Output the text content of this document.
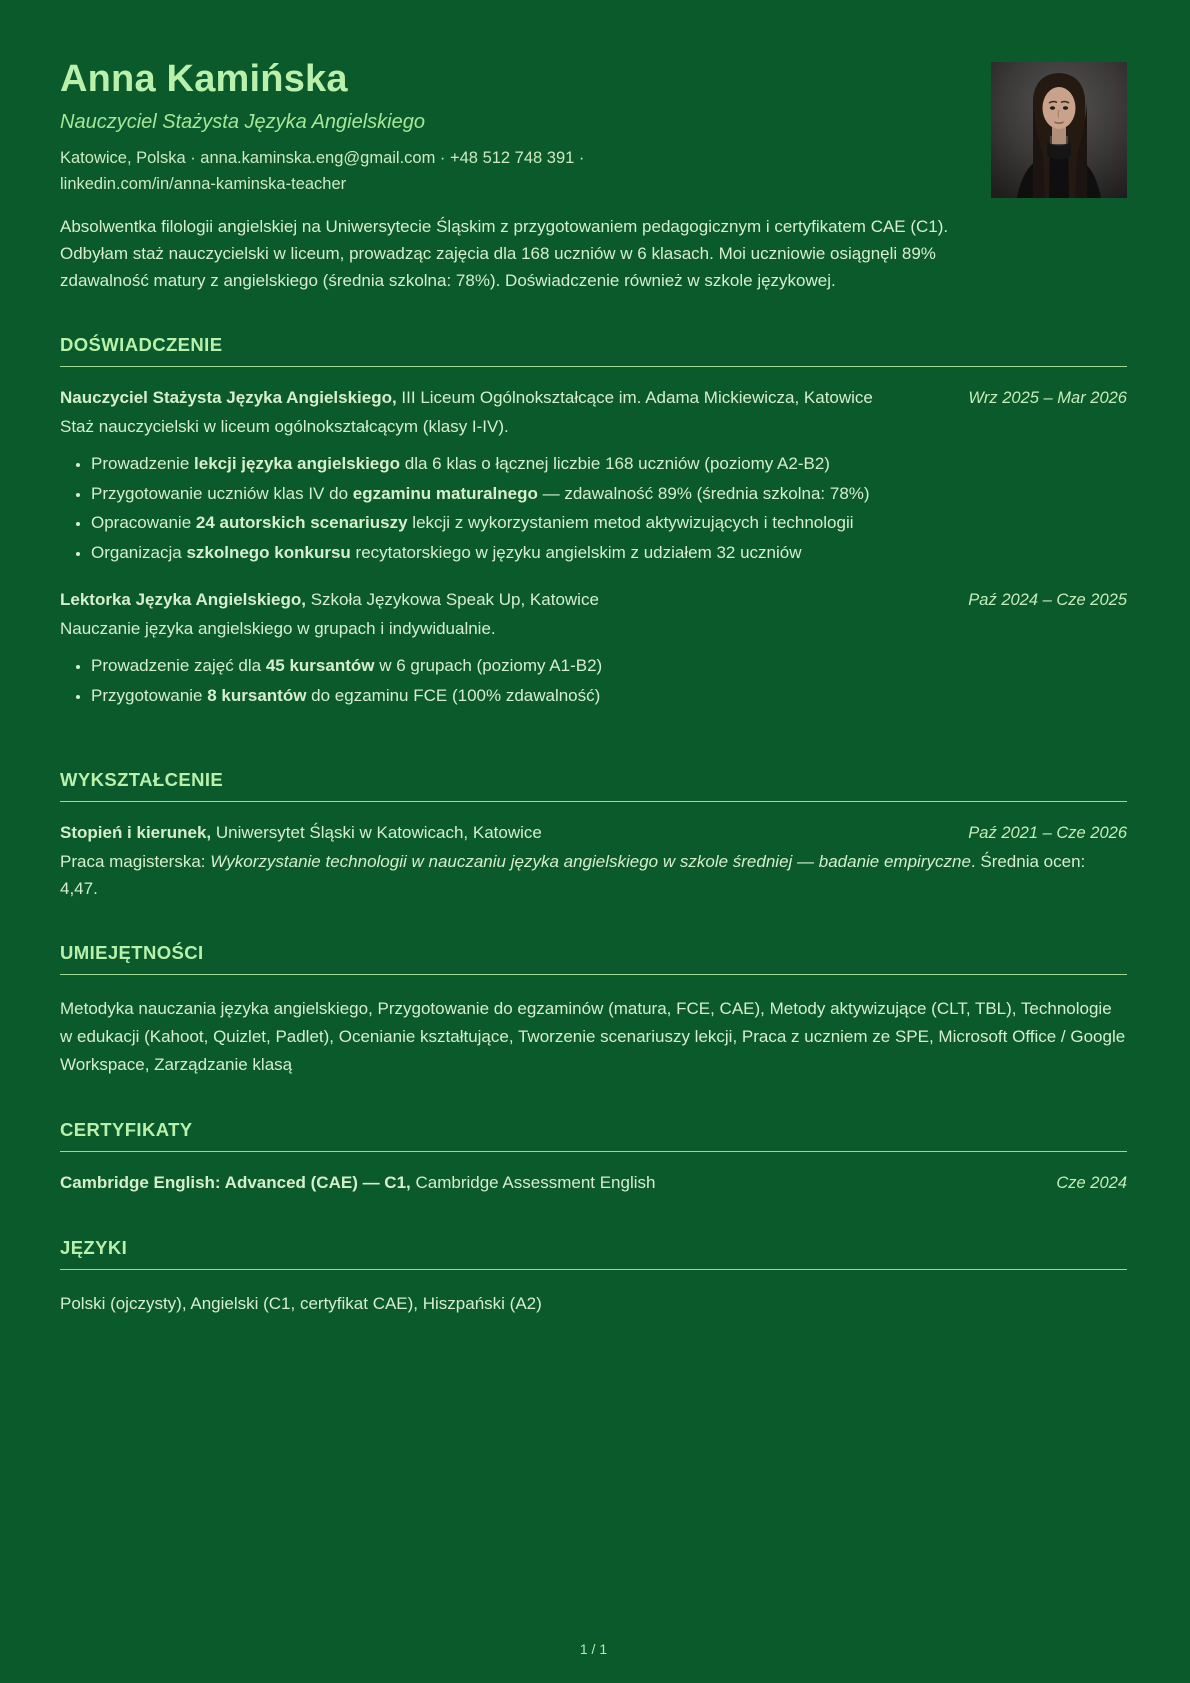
Anna Kamińska
Nauczyciel Stażysta Języka Angielskiego
Katowice, Polska · anna.kaminska.eng@gmail.com · +48 512 748 391 ·
linkedin.com/in/anna-kaminska-teacher

Absolwentka filologii angielskiej na Uniwersytecie Śląskim z przygotowaniem pedagogicznym i certyfikatem CAE (C1). Odbyłam staż nauczycielski w liceum, prowadząc zajęcia dla 168 uczniów w 6 klasach. Moi uczniowie osiągnęli 89% zdawalność matury z angielskiego (średnia szkolna: 78%). Doświadczenie również w szkole językowej.

DOŚWIADCZENIE
Nauczyciel Stażysta Języka Angielskiego, III Liceum Ogólnokształcące im. Adama Mickiewicza, Katowice	Wrz 2025 – Mar 2026

Staż nauczycielski w liceum ogólnokształcącym (klasy I-IV).

• Prowadzenie lekcji języka angielskiego dla 6 klas o łącznej liczbie 168 uczniów (poziomy A2-B2)
• Przygotowanie uczniów klas IV do egzaminu maturalnego — zdawalność 89% (średnia szkolna: 78%)
• Opracowanie 24 autorskich scenariuszy lekcji z wykorzystaniem metod aktywizujących i technologii
• Organizacja szkolnego konkursu recytatorskiego w języku angielskim z udziałem 32 uczniów
Lektorka Języka Angielskiego, Szkoła Językowa Speak Up, Katowice	Paź 2024 – Cze 2025

Nauczanie języka angielskiego w grupach i indywidualnie.

• Prowadzenie zajęć dla 45 kursantów w 6 grupach (poziomy A1-B2)
• Przygotowanie 8 kursantów do egzaminu FCE (100% zdawalność)
WYKSZTAŁCENIE
Stopień i kierunek, Uniwersytet Śląski w Katowicach, Katowice	Paź 2021 – Cze 2026

Praca magisterska: Wykorzystanie technologii w nauczaniu języka angielskiego w szkole średniej — badanie empiryczne. Średnia ocen: 4,47.

UMIEJĘTNOŚCI

Metodyka nauczania języka angielskiego, Przygotowanie do egzaminów (matura, FCE, CAE), Metody aktywizujące (CLT, TBL), Technologie w edukacji (Kahoot, Quizlet, Padlet), Ocenianie kształtujące, Tworzenie scenariuszy lekcji, Praca z uczniem ze SPE, Microsoft Office / Google Workspace, Zarządzanie klasą

CERTYFIKATY
Cambridge English: Advanced (CAE) — C1, Cambridge Assessment English	Cze 2024
JĘZYKI

Polski (ojczysty), Angielski (C1, certyfikat CAE), Hiszpański (A2)

1 / 1
